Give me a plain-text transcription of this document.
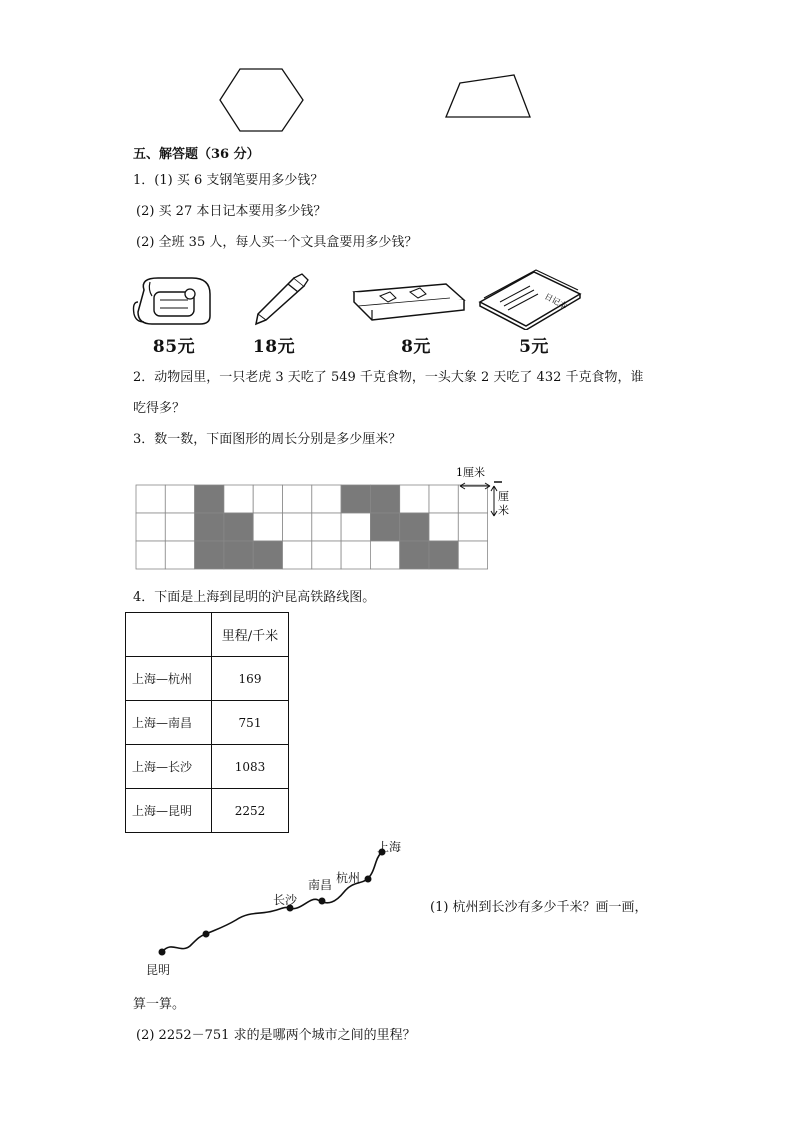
五、解答题（36 分）
1．(1) 买 6 支钢笔要用多少钱？
(2) 买 27 本日记本要用多少钱？
(2) 全班 35 人，每人买一个文具盒要用多少钱？
日记本
85元	18元	8元	5元
2．动物园里，一只老虎 3 天吃了 549 千克食物，一头大象 2 天吃了 432 千克食物，谁
吃得多？
3．数一数，下面图形的周长分别是多少厘米？
1厘米
厘
米
4．下面是上海到昆明的沪昆高铁路线图。
	里程/千米
上海—杭州	169
上海—南昌	751
上海—长沙	1083
上海—昆明	2252
上海
杭州
南昌
长沙
昆明
(1) 杭州到长沙有多少千米？画一画，
算一算。
(2) 2252－751 求的是哪两个城市之间的里程？
